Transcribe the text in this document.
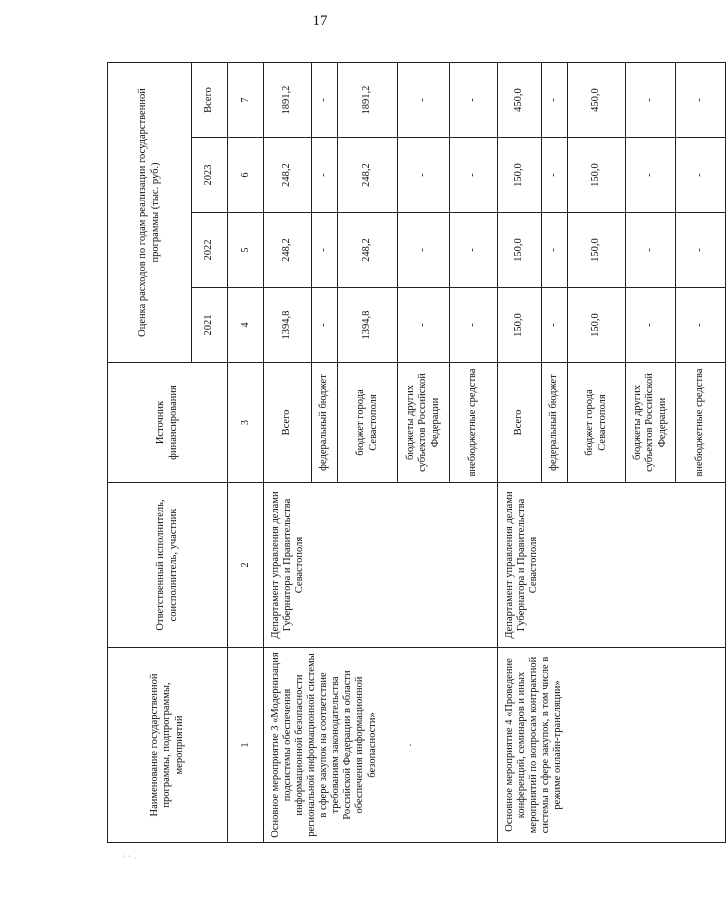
17
Наименование государственной программы, подпрограммы, мероприятий	Ответственный исполнитель, соисполнитель, участник	Источник финансирования	Оценка расходов по годам реализации государственной программы (тыс. руб.)			
			2021	2022	2023	Всего
1	2	3	4	5	6	7
Основное мероприятие 3 «Модернизация подсистемы обеспечения информационной безопасности региональной информационной системы в сфере закупок на соответствие требованиям законодательства Российской Федерации в области обеспечения информационной безопасности» .	Департамент управления делами Губернатора и Правительства Севастополя	Всего	1394,8	248,2	248,2	1891,2
		федеральный бюджет	-	-	-	-
		бюджет города Севастополя	1394,8	248,2	248,2	1891,2
		бюджеты других субъектов Российской Федерации	-	-	-	-
		внебюджетные средства	-	-	-	-
Основное мероприятие 4 «Проведение конференций, семинаров и иных мероприятий по вопросам контрактной системы в сфере закупок, в том числе в режиме онлайн-трансляции»	Департамент управления делами Губернатора и Правительства Севастополя	Всего	150,0	150,0	150,0	450,0
		федеральный бюджет	-	-	-	-
		бюджет города Севастополя	150,0	150,0	150,0	450,0
		бюджеты других субъектов Российской Федерации	-	-	-	-
		внебюджетные средства	-	-	-	-
' ' ·
